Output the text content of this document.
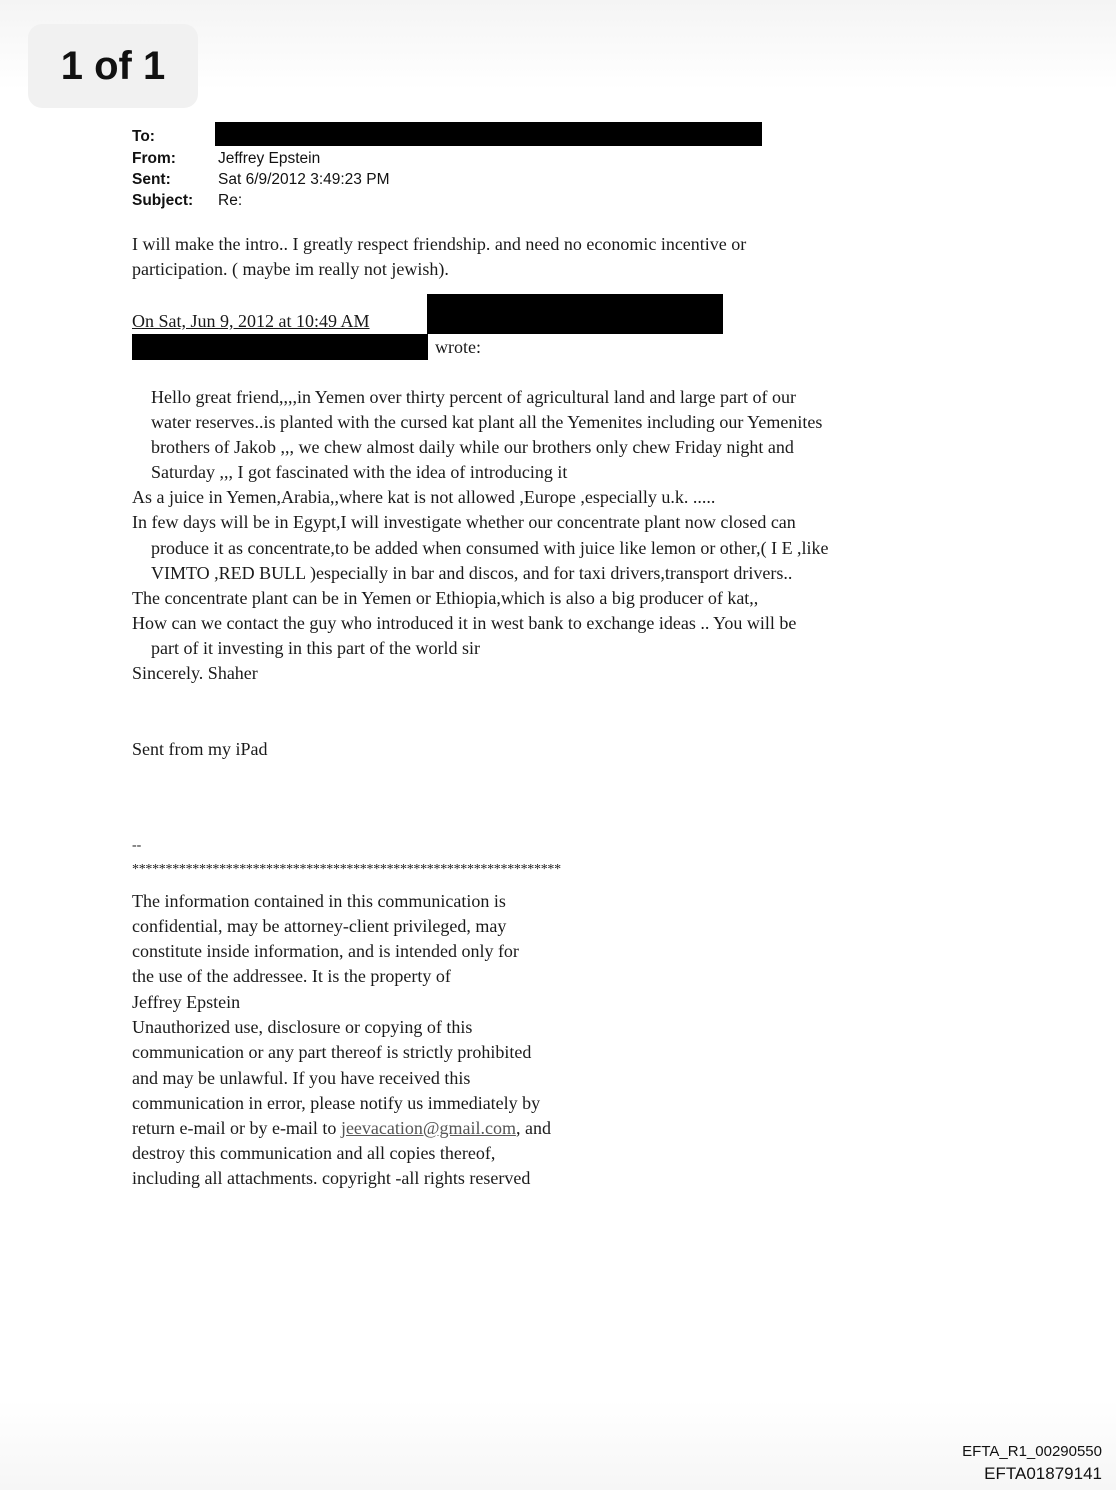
1 of 1
To:
From:	Jeffrey Epstein
Sent:	Sat 6/9/2012 3:49:23 PM
Subject: Re:
I will make the intro.. I greatly respect friendship. and need no economic incentive or
participation. ( maybe im really not jewish).
On Sat, Jun 9, 2012 at 10:49 AM
wrote:
Hello great friend,,,,in Yemen over thirty percent of agricultural land and large part of our
water reserves..is planted with the cursed kat plant all the Yemenites including our Yemenites
brothers of Jakob ,,, we chew almost daily while our brothers only chew Friday night and
Saturday ,,, I got fascinated with the idea of introducing it
As a juice in Yemen,Arabia,,where kat is not allowed ,Europe ,especially u.k. .....
In few days will be in Egypt,I will investigate whether our concentrate plant now closed can
produce it as concentrate,to be added when consumed with juice like lemon or other,( I E ,like
VIMTO ,RED BULL )especially in bar and discos, and for taxi drivers,transport drivers..
The concentrate plant can be in Yemen or Ethiopia,which is also a big producer of kat,,
How can we contact the guy who introduced it in west bank to exchange ideas .. You will be
part of it investing in this part of the world sir
Sincerely. Shaher
Sent from my iPad
--
****************************************************************
The information contained in this communication is
confidential, may be attorney-client privileged, may
constitute inside information, and is intended only for
the use of the addressee. It is the property of
Jeffrey Epstein
Unauthorized use, disclosure or copying of this
communication or any part thereof is strictly prohibited
and may be unlawful. If you have received this
communication in error, please notify us immediately by
return e-mail or by e-mail to jeevacation@gmail.com, and
destroy this communication and all copies thereof,
including all attachments. copyright -all rights reserved
EFTA_R1_00290550
EFTA01879141
